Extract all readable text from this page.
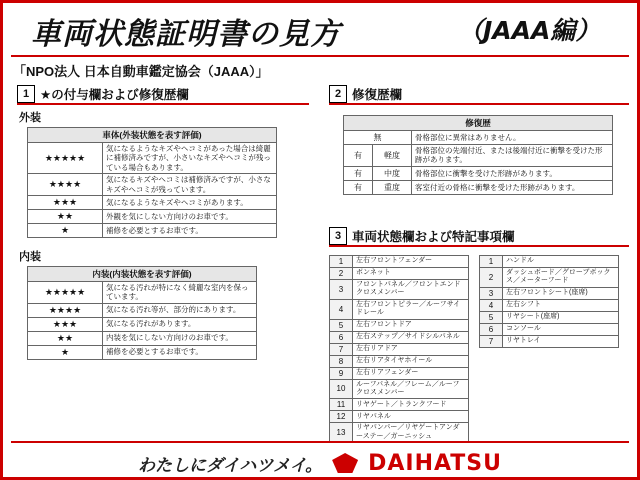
車両状態証明書の見方	（JAAA編）
「NPO法人 日本自動車鑑定協会（JAAA）」
1 ★の付与欄および修復歴欄
外装
車体(外装状態を表す評価)	
★★★★★	気になるようなキズやヘコミがあった場合は綺麗に補修済みですが、小さいなキズやヘコミが残っている場合もあります。
★★★★	気になるキズやヘコミは補修済みですが、小さなキズやヘコミが残っています。
★★★	気になるようなキズやヘコミがあります。
★★	外観を気にしない方向けのお車です。
★	補修を必要とするお車です。
内装
内装(内装状態を表す評価)	
★★★★★	気になる汚れが特になく綺麗な室内を保っています。
★★★★	気になる汚れ等が、部分的にあります。
★★★	気になる汚れがあります。
★★	内装を気にしない方向けのお車です。
★	補修を必要とするお車です。
2 修復歴欄
修復歴		
無		骨格部位に異常はありません。
有	軽度	骨格部位の先端付近、または後端付近に衝撃を受けた形跡があります。
有	中度	骨格部位に衝撃を受けた形跡があります。
有	重度	客室付近の骨格に衝撃を受けた形跡があります。
3 車両状態欄および特記事項欄
1	左右フロントフェンダー
2	ボンネット
3	フロントパネル／フロントエンドクロスメンバー
4	左右フロントピラー／ルーフサイドレール
5	左右フロントドア
6	左右ステップ／サイドシルパネル
7	左右リアドア
8	左右リアタイヤホイール
9	左右リアフェンダー
10	ルーフパネル／フレーム／ルーフクロスメンバー
11	リヤゲート／トランクフード
12	リヤパネル
13	リヤパンパー／リヤゲートアンダーステー／ガーニッシュ
1	ハンドル
2	ダッシュボード／グローブボックス／メーターフード
3	左右フロントシート(座席)
4	左右シフト
5	リヤシート(座席)
6	コンソール
7	リヤトレイ
わたしにダイハツメイ。 DAIHATSU
